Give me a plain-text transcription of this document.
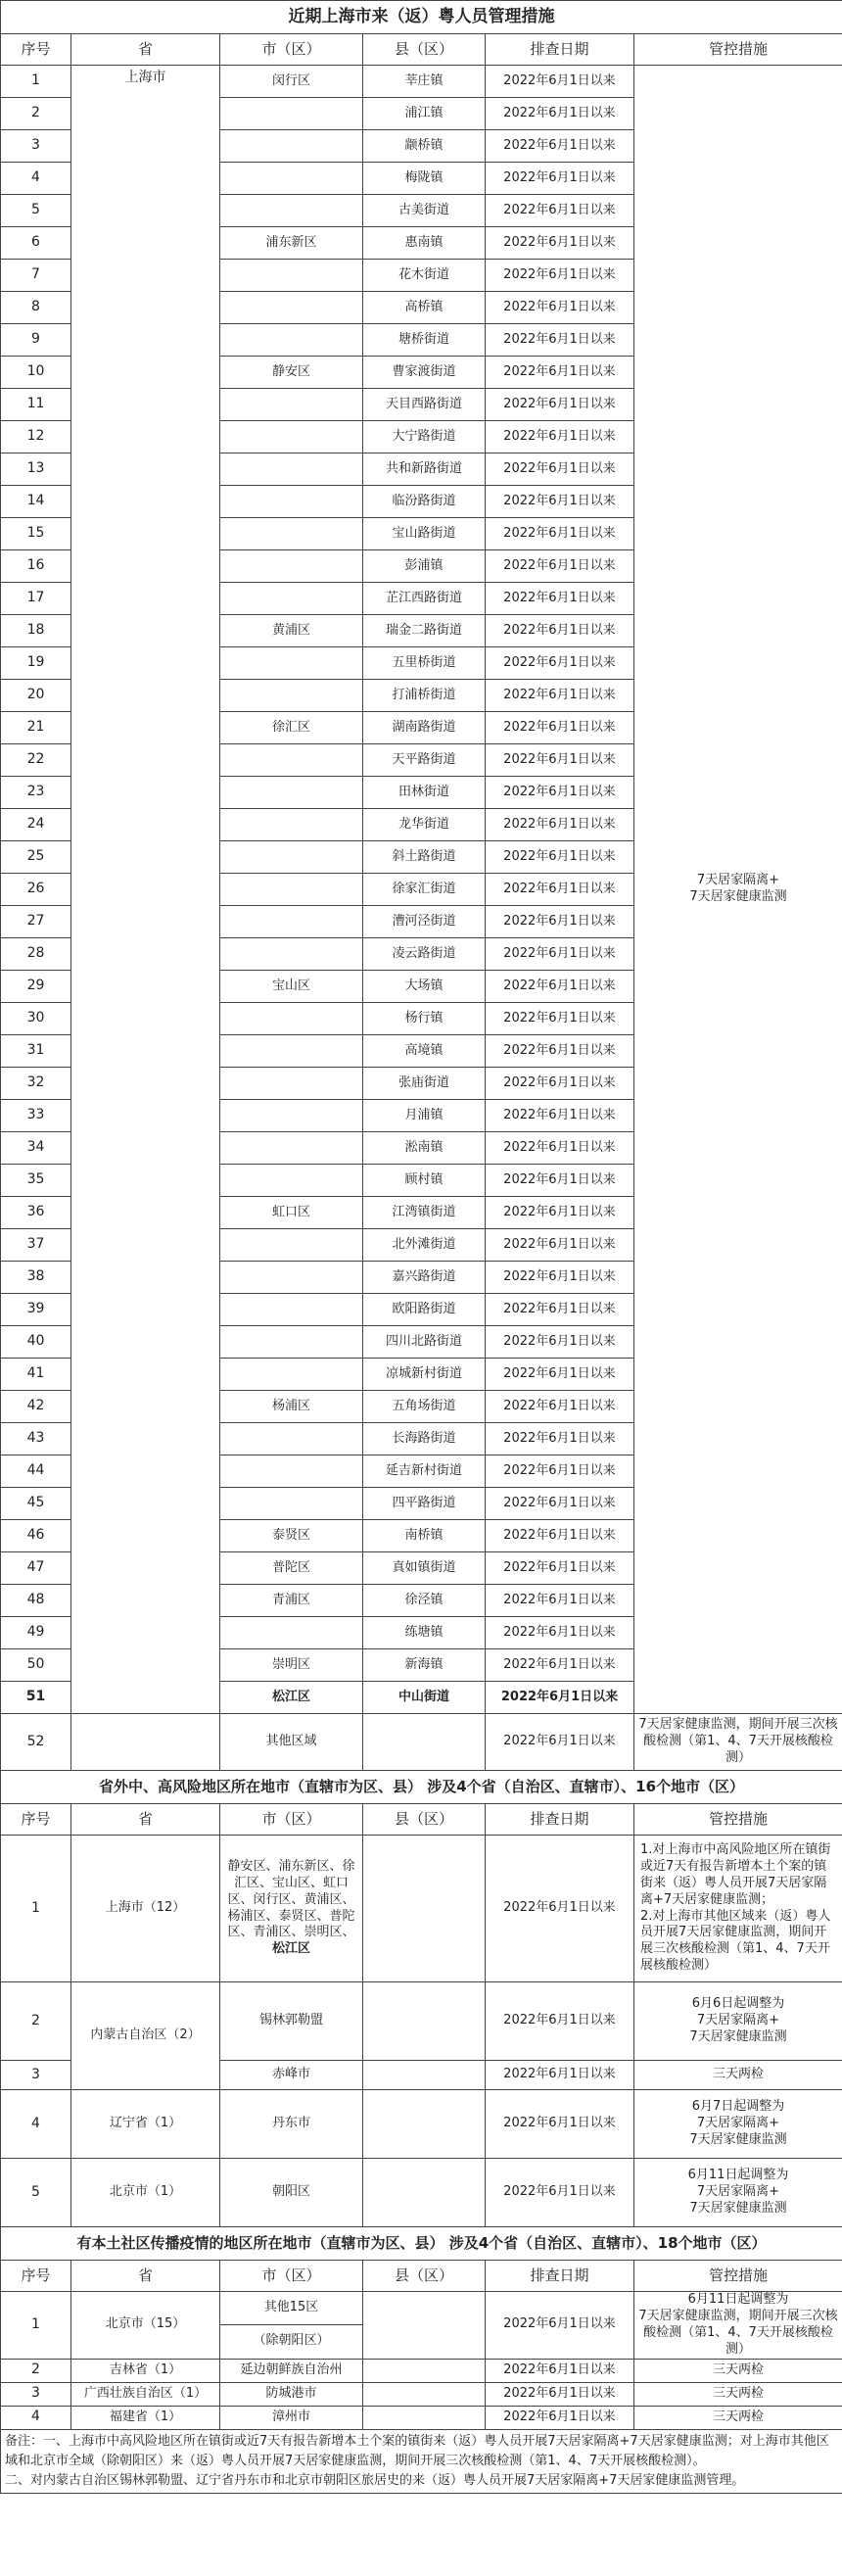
近期上海市来（返）粤人员管理措施					
序号	省	市（区）	县（区）	排查日期	管控措施
1	上海市	闵行区	莘庄镇	2022年6月1日以来	7天居家隔离+
7天居家健康监测
2			浦江镇	2022年6月1日以来	
3			颛桥镇	2022年6月1日以来	
4			梅陇镇	2022年6月1日以来	
5			古美街道	2022年6月1日以来	
6		浦东新区	惠南镇	2022年6月1日以来	
7			花木街道	2022年6月1日以来	
8			高桥镇	2022年6月1日以来	
9			塘桥街道	2022年6月1日以来	
10		静安区	曹家渡街道	2022年6月1日以来	
11			天目西路街道	2022年6月1日以来	
12			大宁路街道	2022年6月1日以来	
13			共和新路街道	2022年6月1日以来	
14			临汾路街道	2022年6月1日以来	
15			宝山路街道	2022年6月1日以来	
16			彭浦镇	2022年6月1日以来	
17			芷江西路街道	2022年6月1日以来	
18		黄浦区	瑞金二路街道	2022年6月1日以来	
19			五里桥街道	2022年6月1日以来	
20			打浦桥街道	2022年6月1日以来	
21		徐汇区	湖南路街道	2022年6月1日以来	
22			天平路街道	2022年6月1日以来	
23			田林街道	2022年6月1日以来	
24			龙华街道	2022年6月1日以来	
25			斜土路街道	2022年6月1日以来	
26			徐家汇街道	2022年6月1日以来	
27			漕河泾街道	2022年6月1日以来	
28			凌云路街道	2022年6月1日以来	
29		宝山区	大场镇	2022年6月1日以来	
30			杨行镇	2022年6月1日以来	
31			高境镇	2022年6月1日以来	
32			张庙街道	2022年6月1日以来	
33			月浦镇	2022年6月1日以来	
34			淞南镇	2022年6月1日以来	
35			顾村镇	2022年6月1日以来	
36		虹口区	江湾镇街道	2022年6月1日以来	
37			北外滩街道	2022年6月1日以来	
38			嘉兴路街道	2022年6月1日以来	
39			欧阳路街道	2022年6月1日以来	
40			四川北路街道	2022年6月1日以来	
41			凉城新村街道	2022年6月1日以来	
42		杨浦区	五角场街道	2022年6月1日以来	
43			长海路街道	2022年6月1日以来	
44			延吉新村街道	2022年6月1日以来	
45			四平路街道	2022年6月1日以来	
46		泰贤区	南桥镇	2022年6月1日以来	
47		普陀区	真如镇街道	2022年6月1日以来	
48		青浦区	徐泾镇	2022年6月1日以来	
49			练塘镇	2022年6月1日以来	
50		崇明区	新海镇	2022年6月1日以来	
51		松江区	中山街道	2022年6月1日以来	
52		其他区域		2022年6月1日以来	7天居家健康监测，期间开展三次核酸检测（第1、4、7天开展核酸检测）
省外中、高风险地区所在地市（直辖市为区、县） 涉及4个省（自治区、直辖市）、16个地市（区）					
序号	省	市（区）	县（区）	排查日期	管控措施
1	上海市（12）	静安区、浦东新区、徐汇区、宝山区、虹口区、闵行区、黄浦区、杨浦区、泰贤区、普陀区、青浦区、崇明区、松江区		2022年6月1日以来	1.对上海市中高风险地区所在镇街或近7天有报告新增本土个案的镇街来（返）粤人员开展7天居家隔离+7天居家健康监测；
2.对上海市其他区域来（返）粤人员开展7天居家健康监测，期间开展三次核酸检测（第1、4、7天开展核酸检测）
2	内蒙古自治区（2）	锡林郭勒盟		2022年6月1日以来	6月6日起调整为
7天居家隔离+
7天居家健康监测
3		赤峰市		2022年6月1日以来	三天两检
4	辽宁省（1）	丹东市		2022年6月1日以来	6月7日起调整为
7天居家隔离+
7天居家健康监测
5	北京市（1）	朝阳区		2022年6月1日以来	6月11日起调整为
7天居家隔离+
7天居家健康监测
有本土社区传播疫情的地区所在地市（直辖市为区、县） 涉及4个省（自治区、直辖市）、18个地市（区）					
序号	省	市（区）	县（区）	排查日期	管控措施
1	北京市（15）	其他15区		2022年6月1日以来	6月11日起调整为
7天居家健康监测，期间开展三次核酸检测（第1、4、7天开展核酸检测）
		（除朝阳区）			
2	吉林省（1）	延边朝鲜族自治州		2022年6月1日以来	三天两检
3	广西壮族自治区（1）	防城港市		2022年6月1日以来	三天两检
4	福建省（1）	漳州市		2022年6月1日以来	三天两检

备注：一、上海市中高风险地区所在镇街或近7天有报告新增本土个案的镇街来（返）粤人员开展7天居家隔离+7天居家健康监测；对上海市其他区域和北京市全域（除朝阳区）来（返）粤人员开展7天居家健康监测，期间开展三次核酸检测（第1、4、7天开展核酸检测）。
二、对内蒙古自治区锡林郭勒盟、辽宁省丹东市和北京市朝阳区旅居史的来（返）粤人员开展7天居家隔离+7天居家健康监测管理。					
